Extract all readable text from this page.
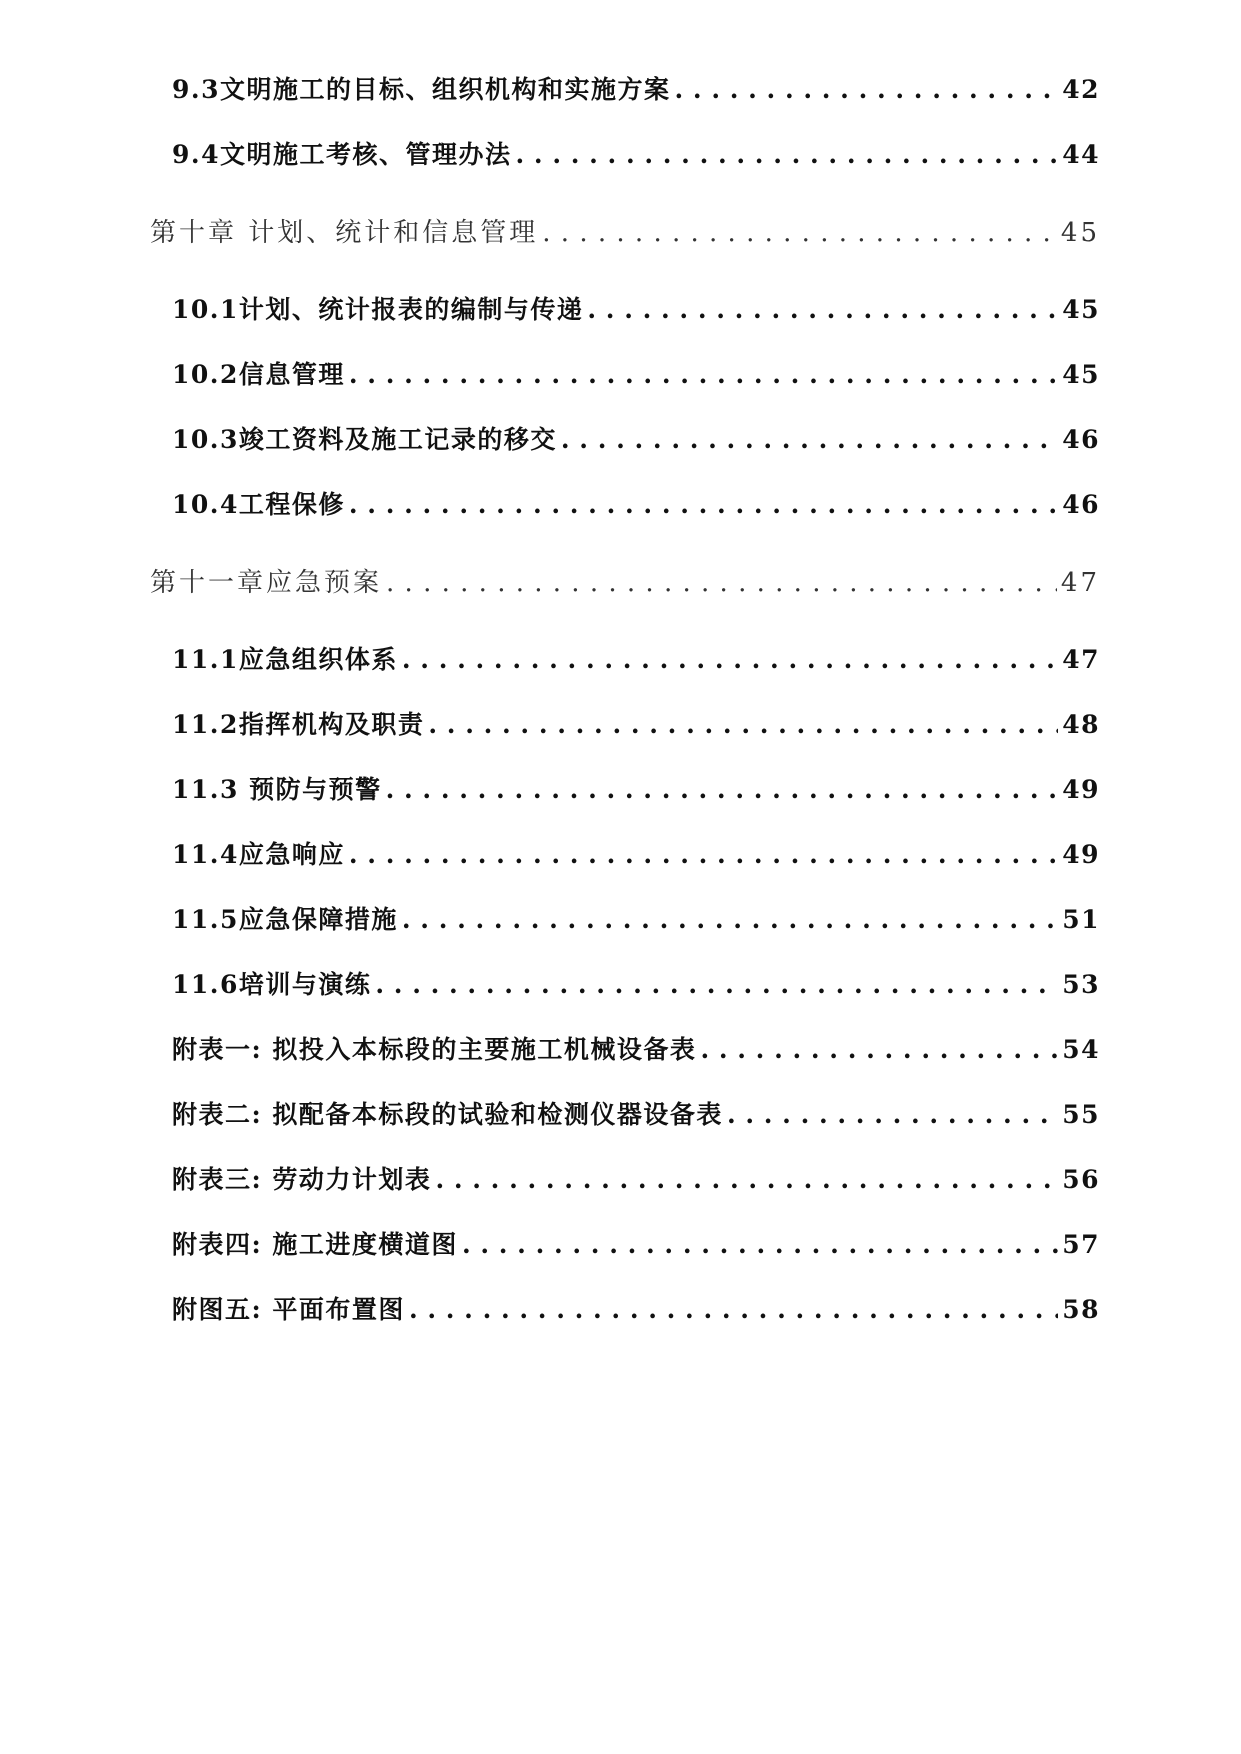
9.3文明施工的目标、组织机构和实施方案 . . .	42
9.4文明施工考核、管理办法 . . .	44
第十章 计划、统计和信息管理 . . .	45
10.1计划、统计报表的编制与传递 . . .	45
10.2信息管理 . . .	45
10.3竣工资料及施工记录的移交 . . .	46
10.4工程保修 . . .	46
第十一章应急预案 . . .	47
11.1应急组织体系 . . .	47
11.2指挥机构及职责 . . .	48
11.3 预防与预警 . . .	49
11.4应急响应 . . .	49
11.5应急保障措施 . . .	51
11.6培训与演练 . . .	53
附表一: 拟投入本标段的主要施工机械设备表 . . .	54
附表二: 拟配备本标段的试验和检测仪器设备表 . . .	55
附表三: 劳动力计划表 . . .	56
附表四: 施工进度横道图 . . .	57
附图五: 平面布置图 . . .	58
